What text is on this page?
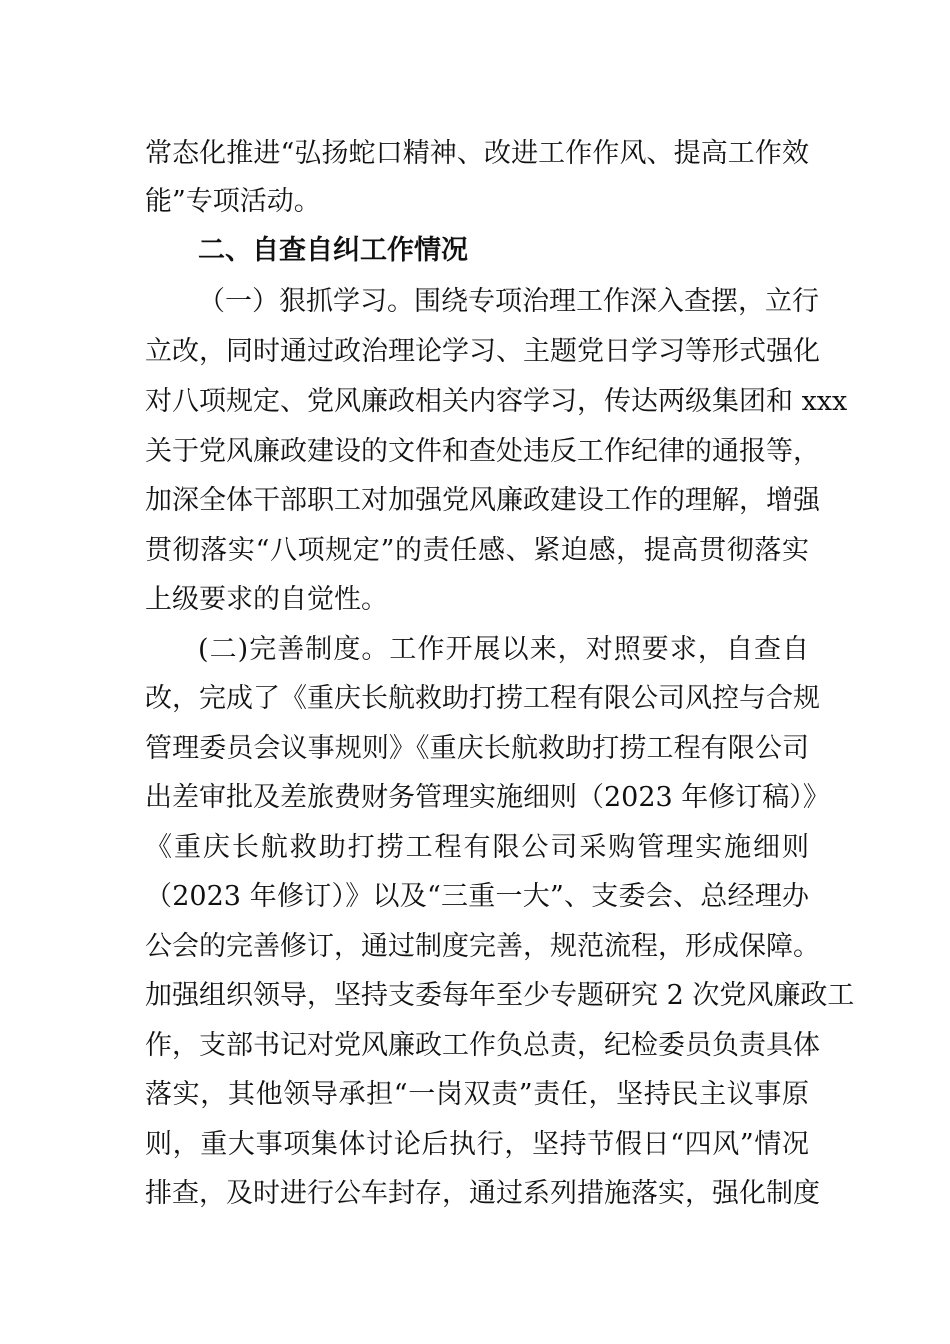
常态化推进“弘扬蛇口精神、改进工作作风、提高工作效
能”专项活动。
二、自查自纠工作情况
（一）狠抓学习。围绕专项治理工作深入查摆，立行
立改，同时通过政治理论学习、主题党日学习等形式强化
对八项规定、党风廉政相关内容学习，传达两级集团和 xxx
关于党风廉政建设的文件和查处违反工作纪律的通报等，
加深全体干部职工对加强党风廉政建设工作的理解，增强
贯彻落实“八项规定”的责任感、紧迫感，提高贯彻落实
上级要求的自觉性。
(二)完善制度。工作开展以来，对照要求，自查自
改，完成了《重庆长航救助打捞工程有限公司风控与合规
管理委员会议事规则》《重庆长航救助打捞工程有限公司
出差审批及差旅费财务管理实施细则（2023 年修订稿）》
《重庆长航救助打捞工程有限公司采购管理实施细则
（2023 年修订）》以及“三重一大”、支委会、总经理办
公会的完善修订，通过制度完善，规范流程，形成保障。
加强组织领导，坚持支委每年至少专题研究 2 次党风廉政工
作，支部书记对党风廉政工作负总责，纪检委员负责具体
落实，其他领导承担“一岗双责”责任，坚持民主议事原
则，重大事项集体讨论后执行，坚持节假日“四风”情况
排查，及时进行公车封存，通过系列措施落实，强化制度
